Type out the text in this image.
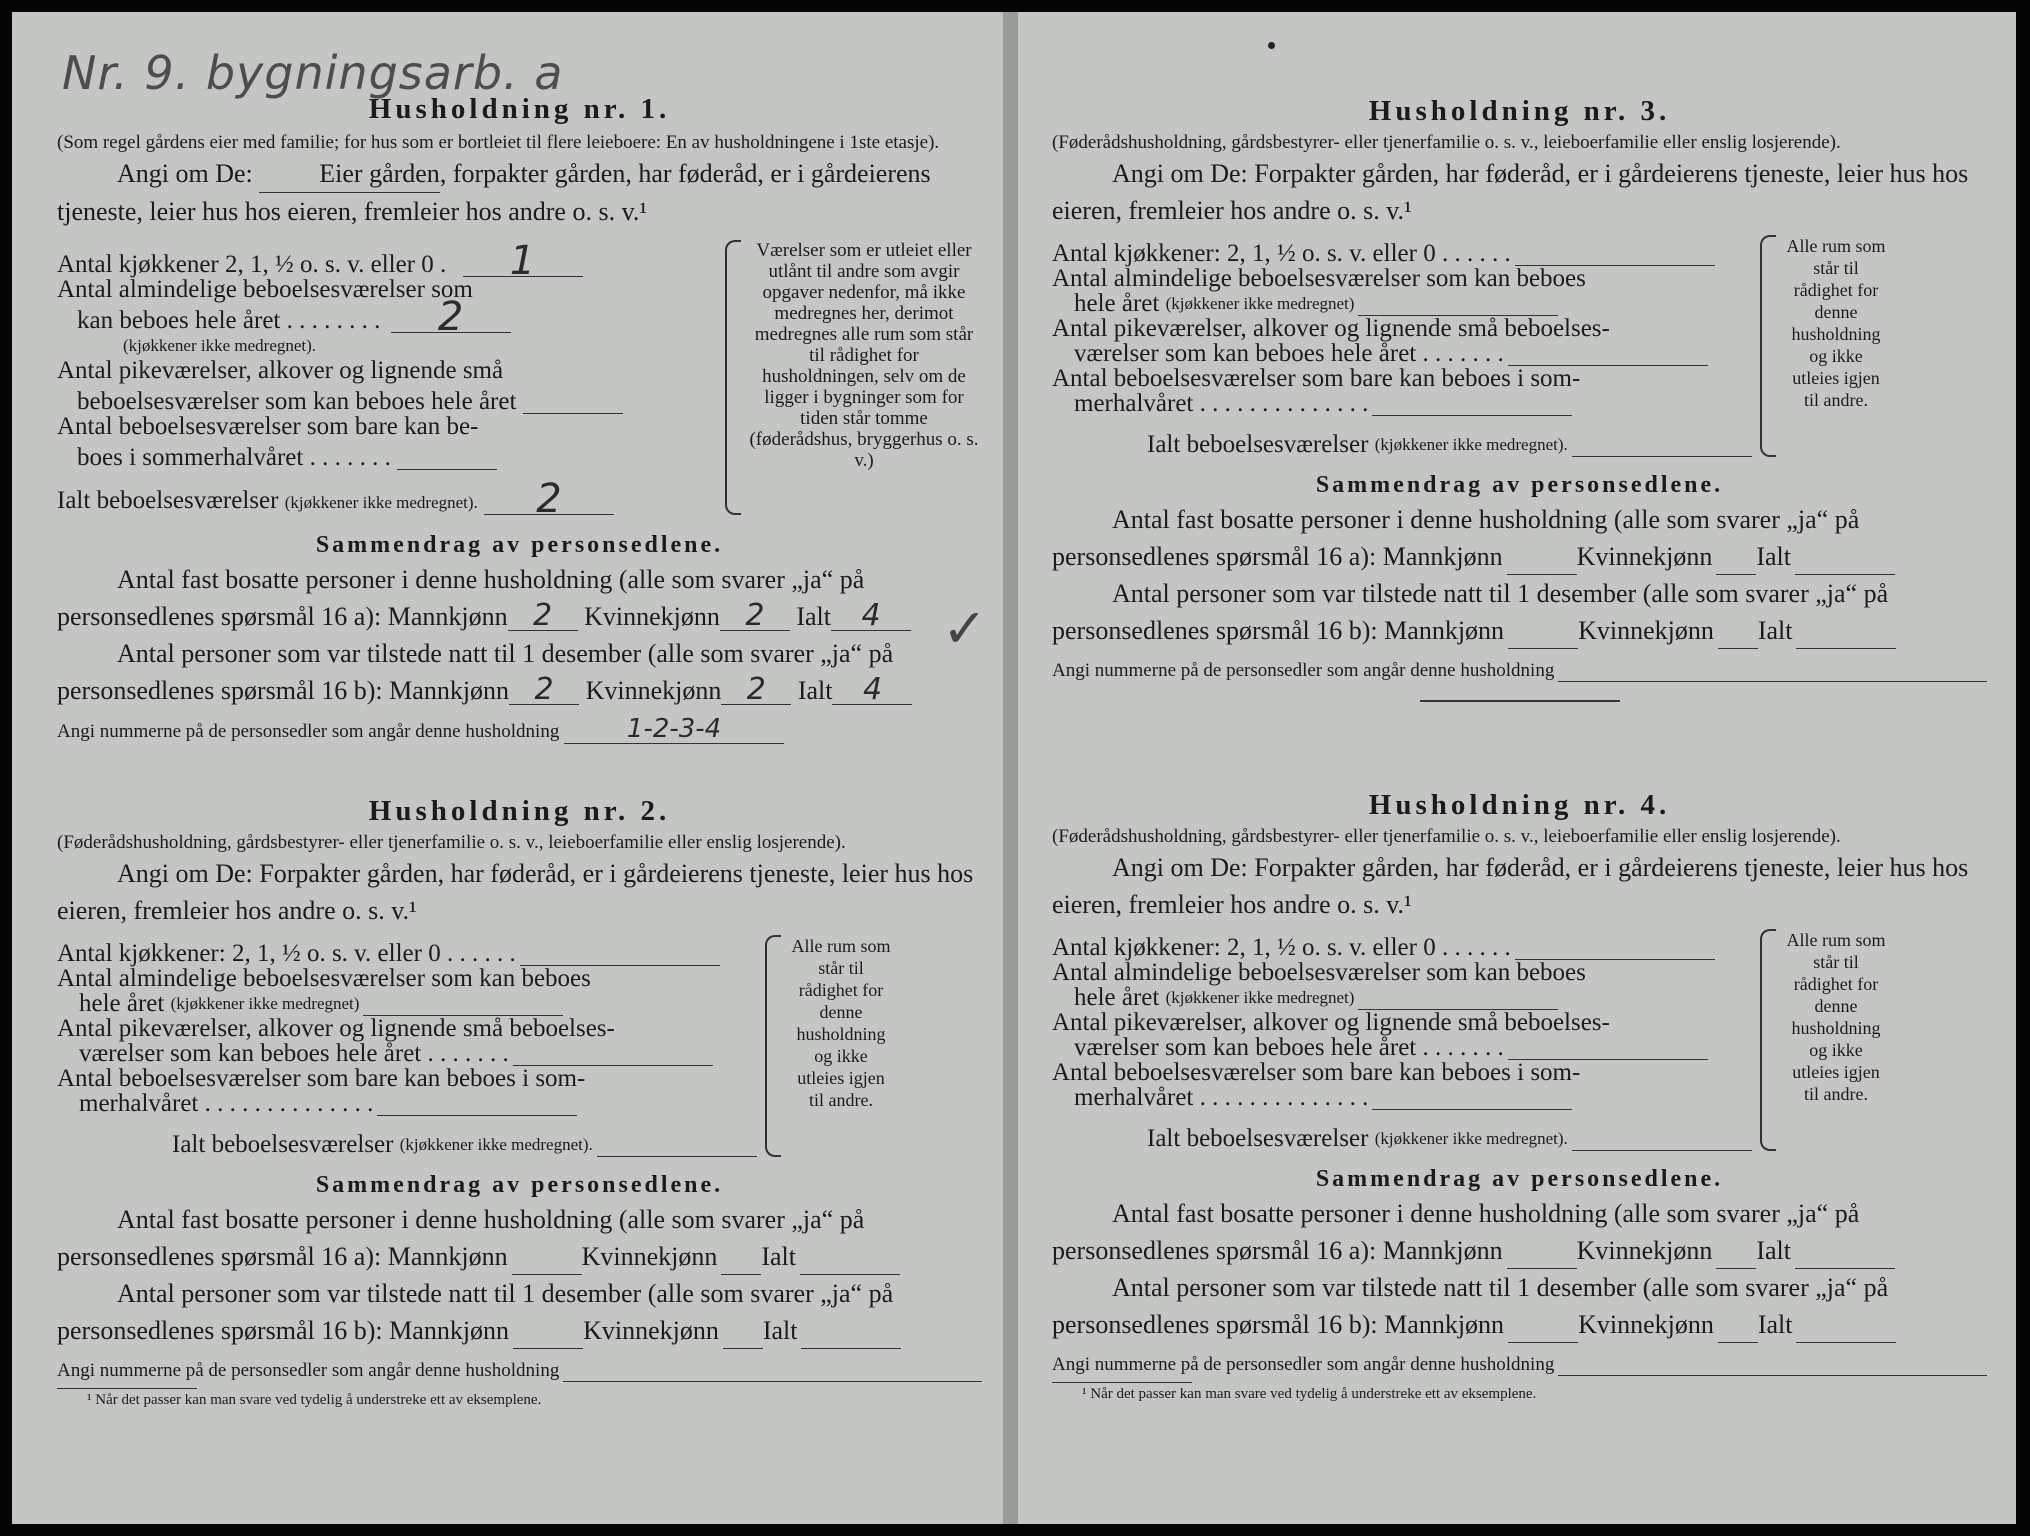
Nr. 9. bygningsarb. a
Husholdning nr. 1.
(Som regel gårdens eier med familie; for hus som er bortleiet til flere leieboere: En av husholdningene i 1ste etasje).
Angi om De:	Eier gården, forpakter gården, har føderåd, er i gårdeierens tjeneste, leier hus hos eieren, fremleier hos andre o. s. v.¹
Antal kjøkkener 2, 1, ½ o. s. v. eller 0 . 1
Antal almindelige beboelsesværelser som
kan beboes hele året . . . . . . . . 2
(kjøkkener ikke medregnet).
Antal pikeværelser, alkover og lignende små
beboelsesværelser som kan beboes hele året
Antal beboelsesværelser som bare kan be-
boes i sommerhalvåret . . . . . . .
Ialt beboelsesværelser (kjøkkener ikke medregnet). 2
Værelser som er utleiet eller utlånt til andre som avgir opgaver nedenfor, må ikke medregnes her, derimot medregnes alle rum som står til rådighet for husholdningen, selv om de ligger i bygninger som for tiden står tomme (føderådshus, bryggerhus o. s. v.)
Sammendrag av personsedlene.
Antal fast bosatte personer i denne husholdning (alle som svarer „ja“ på
personsedlenes spørsmål 16 a): Mannkjønn 2 Kvinnekjønn 2 Ialt 4
Antal personer som var tilstede natt til 1 desember (alle som svarer „ja“ på
personsedlenes spørsmål 16 b): Mannkjønn 2 Kvinnekjønn 2 Ialt 4
Angi nummerne på de personsedler som angår denne husholdning	1-2-3-4
✓
Husholdning nr. 2.
(Føderådshusholdning, gårdsbestyrer- eller tjenerfamilie o. s. v., leieboerfamilie eller enslig losjerende).
Angi om De: Forpakter gården, har føderåd, er i gårdeierens tjeneste, leier hus hos eieren, fremleier hos andre o. s. v.¹
Antal kjøkkener: 2, 1, ½ o. s. v. eller 0 . . . . . .
Antal almindelige beboelsesværelser som kan beboes
hele året
(kjøkkener ikke medregnet)
Antal pikeværelser, alkover og lignende små beboelses-
værelser som kan beboes hele året . . . . . . .
Antal beboelsesværelser som bare kan beboes i som-
merhalvåret . . . . . . . . . . . . . .
Ialt beboelsesværelser
(kjøkkener ikke medregnet).
Alle rum som står til rådighet for denne husholdning og ikke utleies igjen til andre.
Sammendrag av personsedlene.
Antal fast bosatte personer i denne husholdning (alle som svarer „ja“ på
personsedlenes spørsmål 16 a):
Mannkjønn	Kvinnekjønn Ialt
Antal personer som var tilstede natt til 1 desember (alle som svarer „ja“ på
personsedlenes spørsmål 16 b):
Mannkjønn	Kvinnekjønn Ialt
Angi nummerne på de personsedler som angår denne husholdning
¹ Når det passer kan man svare ved tydelig å understreke ett av eksemplene.
Husholdning nr. 3.
(Føderådshusholdning, gårdsbestyrer- eller tjenerfamilie o. s. v., leieboerfamilie eller enslig losjerende).
Angi om De: Forpakter gården, har føderåd, er i gårdeierens tjeneste, leier hus hos eieren, fremleier hos andre o. s. v.¹
Antal kjøkkener: 2, 1, ½ o. s. v. eller 0 . . . . . .
Antal almindelige beboelsesværelser som kan beboes
hele året
(kjøkkener ikke medregnet)
Antal pikeværelser, alkover og lignende små beboelses-
værelser som kan beboes hele året . . . . . . .
Antal beboelsesværelser som bare kan beboes i som-
merhalvåret . . . . . . . . . . . . . .
Ialt beboelsesværelser
(kjøkkener ikke medregnet).
Alle rum som står til rådighet for denne husholdning og ikke utleies igjen til andre.
Sammendrag av personsedlene.
Antal fast bosatte personer i denne husholdning (alle som svarer „ja“ på
personsedlenes spørsmål 16 a):
Mannkjønn	Kvinnekjønn Ialt
Antal personer som var tilstede natt til 1 desember (alle som svarer „ja“ på
personsedlenes spørsmål 16 b):
Mannkjønn	Kvinnekjønn Ialt
Angi nummerne på de personsedler som angår denne husholdning
Husholdning nr. 4.
(Føderådshusholdning, gårdsbestyrer- eller tjenerfamilie o. s. v., leieboerfamilie eller enslig losjerende).
Angi om De: Forpakter gården, har føderåd, er i gårdeierens tjeneste, leier hus hos eieren, fremleier hos andre o. s. v.¹
Antal kjøkkener: 2, 1, ½ o. s. v. eller 0 . . . . . .
Antal almindelige beboelsesværelser som kan beboes
hele året
(kjøkkener ikke medregnet)
Antal pikeværelser, alkover og lignende små beboelses-
værelser som kan beboes hele året . . . . . . .
Antal beboelsesværelser som bare kan beboes i som-
merhalvåret . . . . . . . . . . . . . .
Ialt beboelsesværelser
(kjøkkener ikke medregnet).
Alle rum som står til rådighet for denne husholdning og ikke utleies igjen til andre.
Sammendrag av personsedlene.
Antal fast bosatte personer i denne husholdning (alle som svarer „ja“ på
personsedlenes spørsmål 16 a):
Mannkjønn	Kvinnekjønn Ialt
Antal personer som var tilstede natt til 1 desember (alle som svarer „ja“ på
personsedlenes spørsmål 16 b):
Mannkjønn	Kvinnekjønn Ialt
Angi nummerne på de personsedler som angår denne husholdning
¹ Når det passer kan man svare ved tydelig å understreke ett av eksemplene.
